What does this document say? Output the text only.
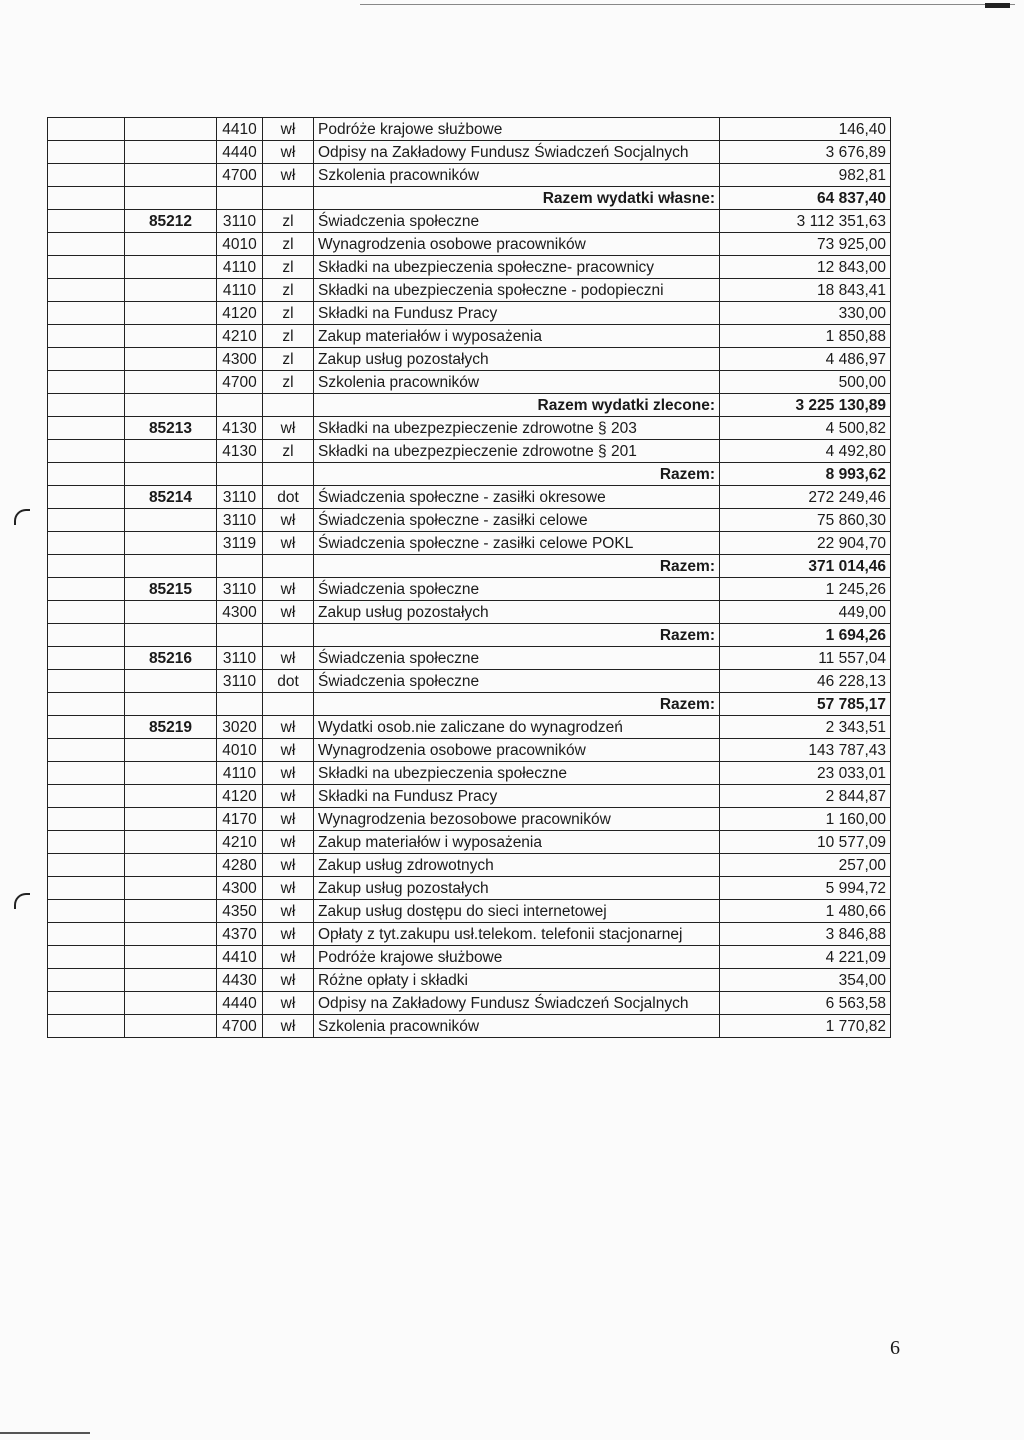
		4410	wł	Podróże krajowe służbowe	146,40
		4440	wł	Odpisy na Zakładowy Fundusz Świadczeń Socjalnych	3 676,89
		4700	wł	Szkolenia pracowników	982,81
				Razem wydatki własne:	64 837,40
	85212	3110	zl	Świadczenia społeczne	3 112 351,63
		4010	zl	Wynagrodzenia osobowe pracowników	73 925,00
		4110	zl	Składki na ubezpieczenia społeczne- pracownicy	12 843,00
		4110	zl	Składki na ubezpieczenia społeczne - podopieczni	18 843,41
		4120	zl	Składki na Fundusz Pracy	330,00
		4210	zl	Zakup materiałów i wyposażenia	1 850,88
		4300	zl	Zakup usług pozostałych	4 486,97
		4700	zl	Szkolenia pracowników	500,00
				Razem wydatki zlecone:	3 225 130,89
	85213	4130	wł	Składki na ubezpezpieczenie zdrowotne § 203	4 500,82
		4130	zl	Składki na ubezpezpieczenie zdrowotne § 201	4 492,80
				Razem:	8 993,62
	85214	3110	dot	Świadczenia społeczne - zasiłki okresowe	272 249,46
		3110	wł	Świadczenia społeczne - zasiłki celowe	75 860,30
		3119	wł	Świadczenia społeczne - zasiłki celowe POKL	22 904,70
				Razem:	371 014,46
	85215	3110	wł	Świadczenia społeczne	1 245,26
		4300	wł	Zakup usług pozostałych	449,00
				Razem:	1 694,26
	85216	3110	wł	Świadczenia społeczne	11 557,04
		3110	dot	Świadczenia społeczne	46 228,13
				Razem:	57 785,17
	85219	3020	wł	Wydatki osob.nie zaliczane do wynagrodzeń	2 343,51
		4010	wł	Wynagrodzenia osobowe pracowników	143 787,43
		4110	wł	Składki na ubezpieczenia społeczne	23 033,01
		4120	wł	Składki na Fundusz Pracy	2 844,87
		4170	wł	Wynagrodzenia bezosobowe pracowników	1 160,00
		4210	wł	Zakup materiałów i wyposażenia	10 577,09
		4280	wł	Zakup usług zdrowotnych	257,00
		4300	wł	Zakup usług pozostałych	5 994,72
		4350	wł	Zakup usług dostępu do sieci internetowej	1 480,66
		4370	wł	Opłaty z tyt.zakupu usł.telekom. telefonii stacjonarnej	3 846,88
		4410	wł	Podróże krajowe służbowe	4 221,09
		4430	wł	Różne opłaty i składki	354,00
		4440	wł	Odpisy na Zakładowy Fundusz Świadczeń Socjalnych	6 563,58
		4700	wł	Szkolenia pracowników	1 770,82
6
